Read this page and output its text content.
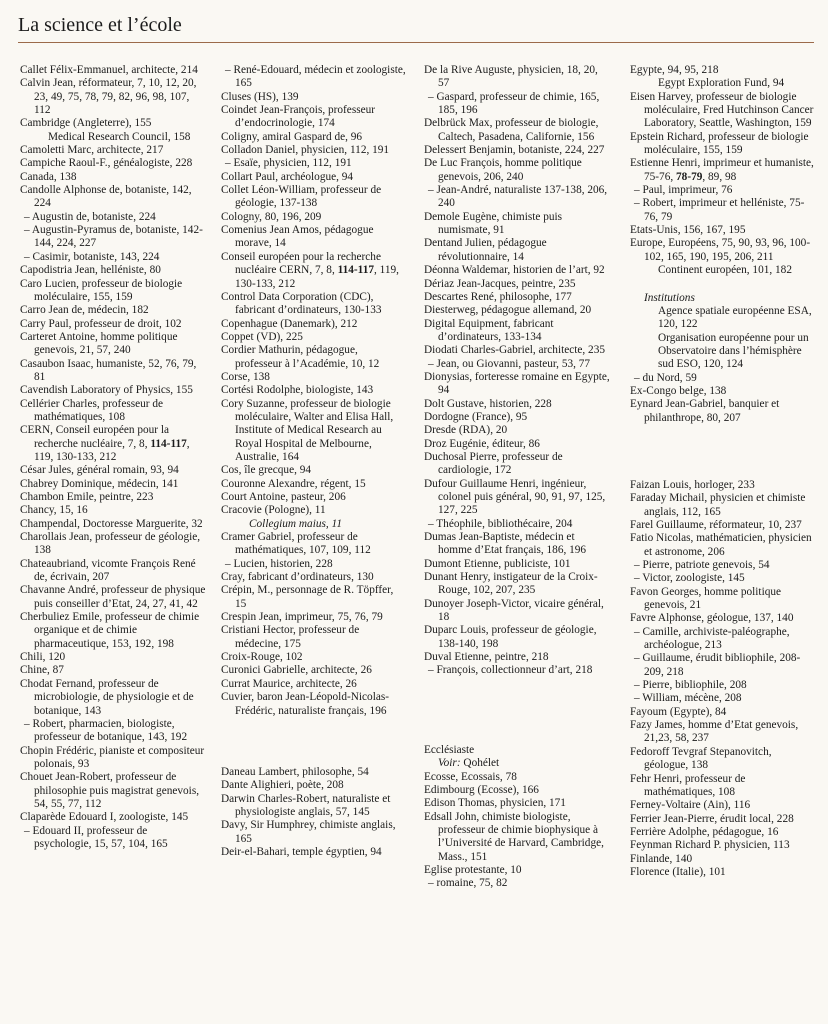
La science et l’école

Callet Félix-Emmanuel, architecte, 214

Calvin Jean, réformateur, 7, 10, 12, 20, 23, 49, 75, 78, 79, 82, 96, 98, 107, 112

Cambridge (Angleterre), 155

Medical Research Council, 158

Camoletti Marc, architecte, 217

Campiche Raoul-F., généalogiste, 228

Canada, 138

Candolle Alphonse de, botaniste, 142, 224

– Augustin de, botaniste, 224

– Augustin-Pyramus de, botaniste, 142-144, 224, 227

– Casimir, botaniste, 143, 224

Capodistria Jean, helléniste, 80

Caro Lucien, professeur de biologie moléculaire, 155, 159

Carro Jean de, médecin, 182

Carry Paul, professeur de droit, 102

Carteret Antoine, homme politique genevois, 21, 57, 240

Casaubon Isaac, humaniste, 52, 76, 79, 81

Cavendish Laboratory of Physics, 155

Cellérier Charles, professeur de mathématiques, 108

CERN, Conseil européen pour la recherche nucléaire, 7, 8, 114-117, 119, 130-133, 212

César Jules, général romain, 93, 94

Chabrey Dominique, médecin, 141

Chambon Emile, peintre, 223

Chancy, 15, 16

Champendal, Doctoresse Marguerite, 32

Charollais Jean, professeur de géologie, 138

Chateaubriand, vicomte François René de, écrivain, 207

Chavanne André, professeur de physique puis conseiller d’Etat, 24, 27, 41, 42

Cherbuliez Emile, professeur de chimie organique et de chimie pharmaceutique, 153, 192, 198

Chili, 120

Chine, 87

Chodat Fernand, professeur de microbiologie, de physiologie et de botanique, 143

– Robert, pharmacien, biologiste, professeur de botanique, 143, 192

Chopin Frédéric, pianiste et compositeur polonais, 93

Chouet Jean-Robert, professeur de philosophie puis magistrat genevois, 54, 55, 77, 112

Claparède Edouard I, zoologiste, 145

– Edouard II, professeur de psychologie, 15, 57, 104, 165

– René-Edouard, médecin et zoologiste, 165

Cluses (HS), 139

Coindet Jean-François, professeur d’endocrinologie, 174

Coligny, amiral Gaspard de, 96

Colladon Daniel, physicien, 112, 191

– Esaïe, physicien, 112, 191

Collart Paul, archéologue, 94

Collet Léon-William, professeur de géologie, 137-138

Cologny, 80, 196, 209

Comenius Jean Amos, pédagogue morave, 14

Conseil européen pour la recherche nucléaire CERN, 7, 8, 114-117, 119, 130-133, 212

Control Data Corporation (CDC), fabricant d’ordinateurs, 130-133

Copenhague (Danemark), 212

Coppet (VD), 225

Cordier Mathurin, pédagogue, professeur à l’Académie, 10, 12

Corse, 138

Cortési Rodolphe, biologiste, 143

Cory Suzanne, professeur de biologie moléculaire, Walter and Elisa Hall, Institute of Medical Research au Royal Hospital de Melbourne, Australie, 164

Cos, île grecque, 94

Couronne Alexandre, régent, 15

Court Antoine, pasteur, 206

Cracovie (Pologne), 11

Collegium maius, 11

Cramer Gabriel, professeur de mathématiques, 107, 109, 112

– Lucien, historien, 228

Cray, fabricant d’ordinateurs, 130

Crépin, M., personnage de R. Töpffer, 15

Crespin Jean, imprimeur, 75, 76, 79

Cristiani Hector, professeur de médecine, 175

Croix-Rouge, 102

Curonici Gabrielle, architecte, 26

Currat Maurice, architecte, 26

Cuvier, baron Jean-Léopold-Nicolas-Frédéric, naturaliste français, 196

Daneau Lambert, philosophe, 54

Dante Alighieri, poète, 208

Darwin Charles-Robert, naturaliste et physiologiste anglais, 57, 145

Davy, Sir Humphrey, chimiste anglais, 165

Deir-el-Bahari, temple égyptien, 94

De la Rive Auguste, physicien, 18, 20, 57

– Gaspard, professeur de chimie, 165, 185, 196

Delbrück Max, professeur de biologie, Caltech, Pasadena, Californie, 156

Delessert Benjamin, botaniste, 224, 227

De Luc François, homme politique genevois, 206, 240

– Jean-André, naturaliste 137-138, 206, 240

Demole Eugène, chimiste puis numismate, 91

Dentand Julien, pédagogue révolutionnaire, 14

Déonna Waldemar, historien de l’art, 92

Dériaz Jean-Jacques, peintre, 235

Descartes René, philosophe, 177

Diesterweg, pédagogue allemand, 20

Digital Equipment, fabricant d’ordinateurs, 133-134

Diodati Charles-Gabriel, architecte, 235

– Jean, ou Giovanni, pasteur, 53, 77

Dionysias, forteresse romaine en Egypte, 94

Dolt Gustave, historien, 228

Dordogne (France), 95

Dresde (RDA), 20

Droz Eugénie, éditeur, 86

Duchosal Pierre, professeur de cardiologie, 172

Dufour Guillaume Henri, ingénieur, colonel puis général, 90, 91, 97, 125, 127, 225

– Théophile, bibliothécaire, 204

Dumas Jean-Baptiste, médecin et homme d’Etat français, 186, 196

Dumont Etienne, publiciste, 101

Dunant Henry, instigateur de la Croix-Rouge, 102, 207, 235

Dunoyer Joseph-Victor, vicaire général, 18

Duparc Louis, professeur de géologie, 138-140, 198

Duval Etienne, peintre, 218

– François, collectionneur d’art, 218

Ecclésiaste

Voir: Qohélet

Ecosse, Ecossais, 78

Edimbourg (Ecosse), 166

Edison Thomas, physicien, 171

Edsall John, chimiste biologiste, professeur de chimie biophysique à l’Université de Harvard, Cambridge, Mass., 151

Eglise protestante, 10

– romaine, 75, 82

Egypte, 94, 95, 218

Egypt Exploration Fund, 94

Eisen Harvey, professeur de biologie moléculaire, Fred Hutchinson Cancer Laboratory, Seattle, Washington, 159

Epstein Richard, professeur de biologie moléculaire, 155, 159

Estienne Henri, imprimeur et humaniste, 75-76, 78-79, 89, 98

– Paul, imprimeur, 76

– Robert, imprimeur et helléniste, 75-76, 79

Etats-Unis, 156, 167, 195

Europe, Européens, 75, 90, 93, 96, 100-102, 165, 190, 195, 206, 211

Continent européen, 101, 182

Institutions

Agence spatiale européenne ESA, 120, 122

Organisation européenne pour un Observatoire dans l’hémisphère sud ESO, 120, 124

– du Nord, 59

Ex-Congo belge, 138

Eynard Jean-Gabriel, banquier et philanthrope, 80, 207

Faizan Louis, horloger, 233

Faraday Michail, physicien et chimiste anglais, 112, 165

Farel Guillaume, réformateur, 10, 237

Fatio Nicolas, mathématicien, physicien et astronome, 206

– Pierre, patriote genevois, 54

– Victor, zoologiste, 145

Favon Georges, homme politique genevois, 21

Favre Alphonse, géologue, 137, 140

– Camille, archiviste-paléographe, archéologue, 213

– Guillaume, érudit bibliophile, 208-209, 218

– Pierre, bibliophile, 208

– William, mécène, 208

Fayoum (Egypte), 84

Fazy James, homme d’Etat genevois, 21,23, 58, 237

Fedoroff Tevgraf Stepanovitch, géologue, 138

Fehr Henri, professeur de mathématiques, 108

Ferney-Voltaire (Ain), 116

Ferrier Jean-Pierre, érudit local, 228

Ferrière Adolphe, pédagogue, 16

Feynman Richard P. physicien, 113

Finlande, 140

Florence (Italie), 101
